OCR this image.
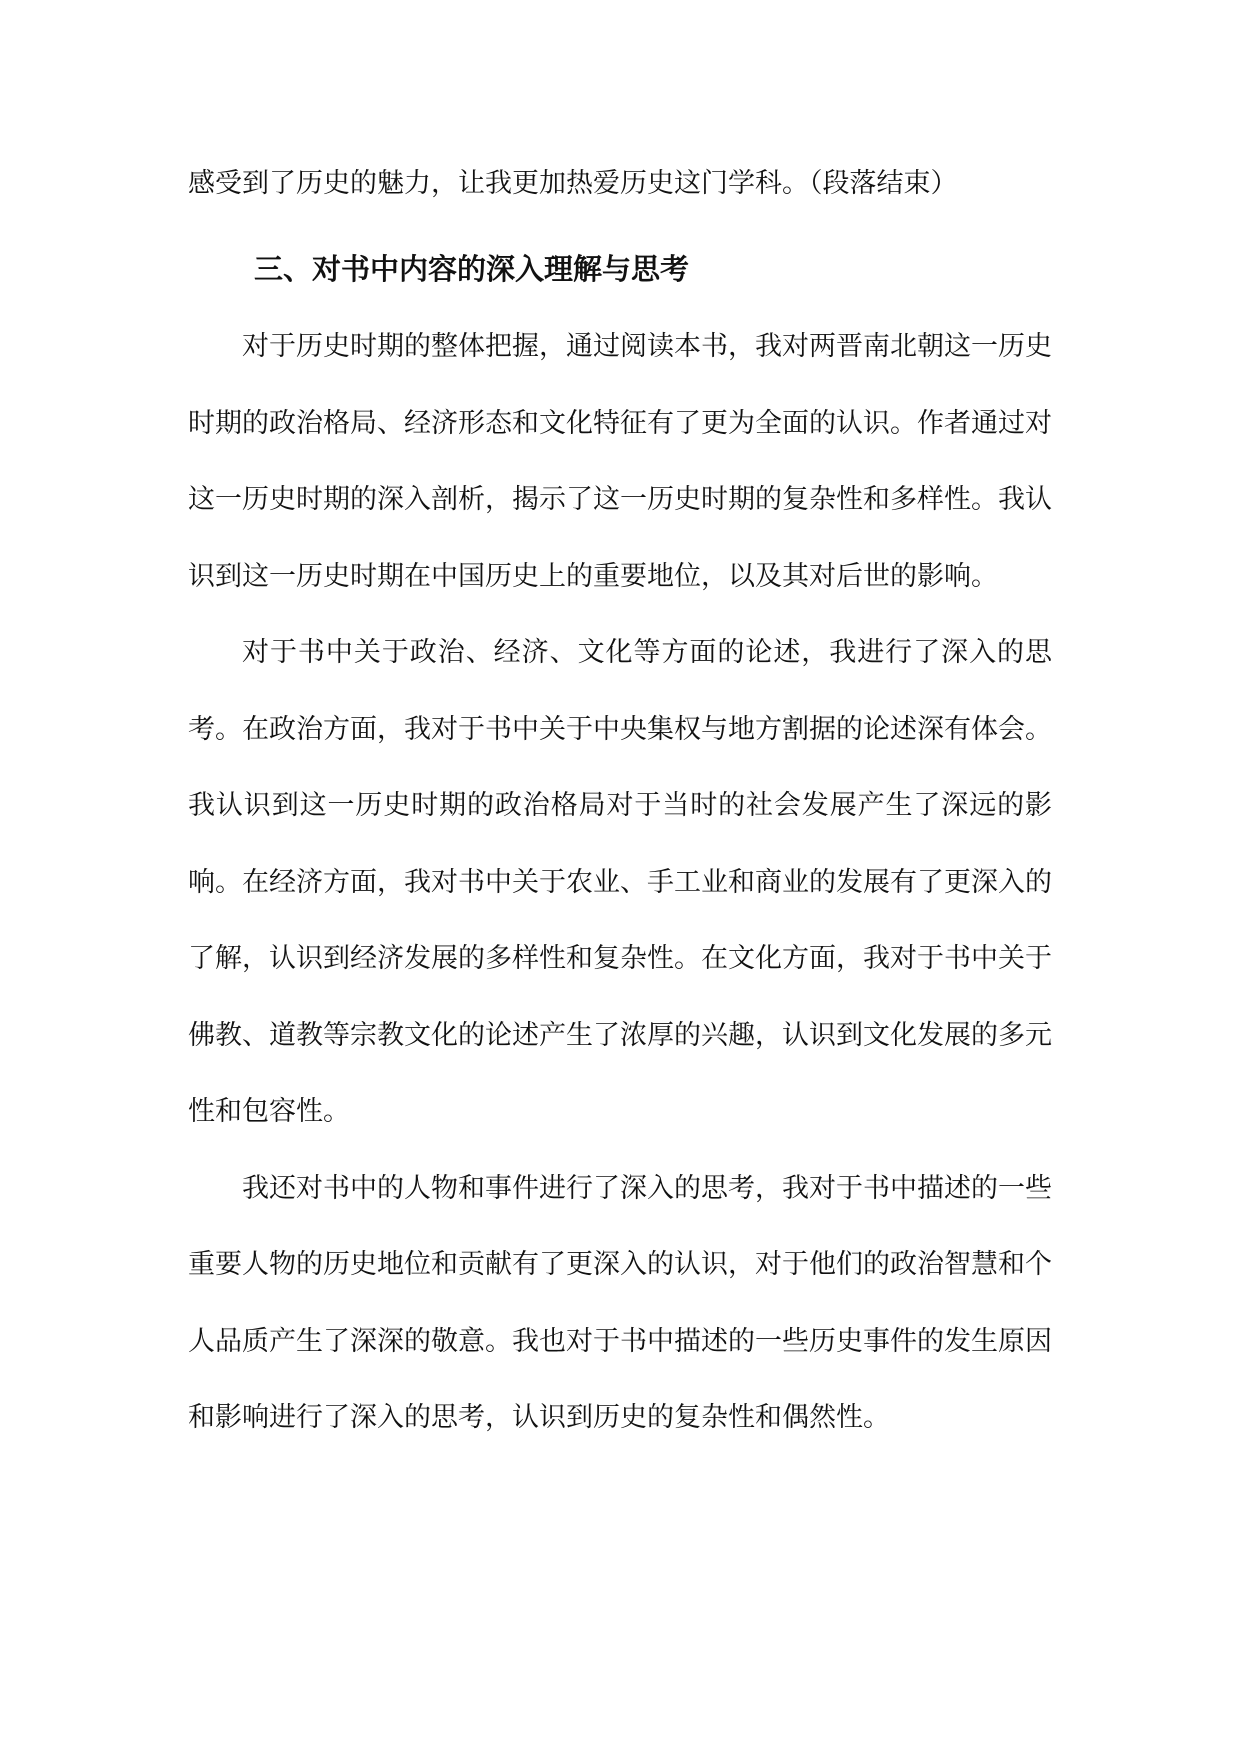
感受到了历史的魅力，让我更加热爱历史这门学科。（段落结束）

三、对书中内容的深入理解与思考

对于历史时期的整体把握，通过阅读本书，我对两晋南北朝这一历史时期的政治格局、经济形态和文化特征有了更为全面的认识。作者通过对这一历史时期的深入剖析，揭示了这一历史时期的复杂性和多样性。我认识到这一历史时期在中国历史上的重要地位，以及其对后世的影响。

对于书中关于政治、经济、文化等方面的论述，我进行了深入的思考。在政治方面，我对于书中关于中央集权与地方割据的论述深有体会。我认识到这一历史时期的政治格局对于当时的社会发展产生了深远的影响。在经济方面，我对书中关于农业、手工业和商业的发展有了更深入的了解，认识到经济发展的多样性和复杂性。在文化方面，我对于书中关于佛教、道教等宗教文化的论述产生了浓厚的兴趣，认识到文化发展的多元性和包容性。

我还对书中的人物和事件进行了深入的思考，我对于书中描述的一些重要人物的历史地位和贡献有了更深入的认识，对于他们的政治智慧和个人品质产生了深深的敬意。我也对于书中描述的一些历史事件的发生原因和影响进行了深入的思考，认识到历史的复杂性和偶然性。
